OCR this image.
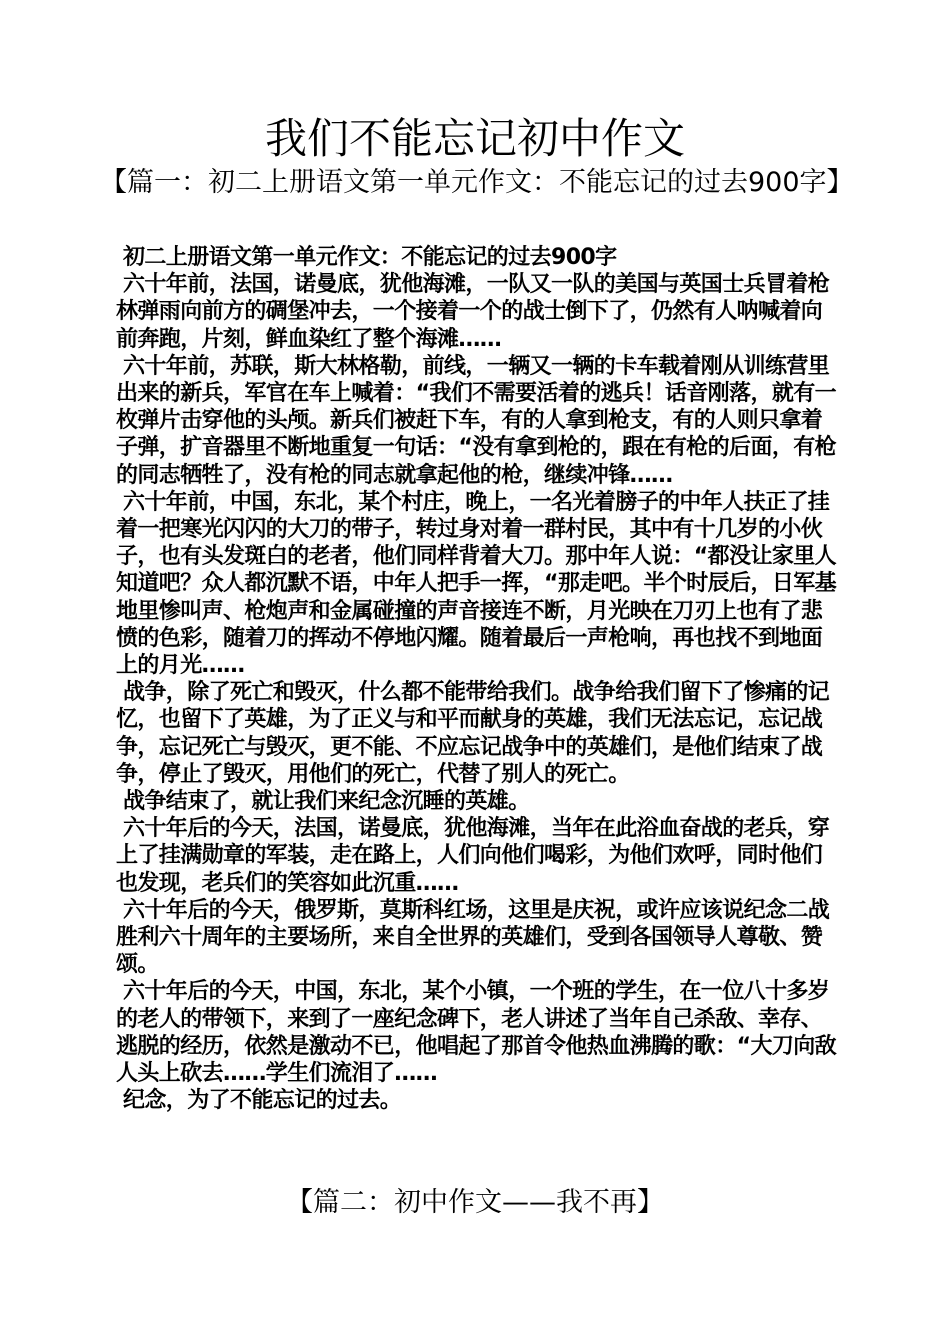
我们不能忘记初中作文
【篇一：初二上册语文第一单元作文：不能忘记的过去900字】

初二上册语文第一单元作文：不能忘记的过去900字

六十年前，法国，诺曼底，犹他海滩，一队又一队的美国与英国士兵冒着枪林弹雨向前方的碉堡冲去，一个接着一个的战士倒下了，仍然有人呐喊着向前奔跑，片刻，鲜血染红了整个海滩……

六十年前，苏联，斯大林格勒，前线，一辆又一辆的卡车载着刚从训练营里出来的新兵，军官在车上喊着：“我们不需要活着的逃兵！话音刚落，就有一枚弹片击穿他的头颅。新兵们被赶下车，有的人拿到枪支，有的人则只拿着子弹，扩音器里不断地重复一句话：“没有拿到枪的，跟在有枪的后面，有枪的同志牺牲了，没有枪的同志就拿起他的枪，继续冲锋……

六十年前，中国，东北，某个村庄，晚上，一名光着膀子的中年人扶正了挂着一把寒光闪闪的大刀的带子，转过身对着一群村民，其中有十几岁的小伙子，也有头发斑白的老者，他们同样背着大刀。那中年人说：“都没让家里人知道吧？众人都沉默不语，中年人把手一挥，“那走吧。半个时辰后，日军基地里惨叫声、枪炮声和金属碰撞的声音接连不断，月光映在刀刃上也有了悲愤的色彩，随着刀的挥动不停地闪耀。随着最后一声枪响，再也找不到地面上的月光……

战争，除了死亡和毁灭，什么都不能带给我们。战争给我们留下了惨痛的记忆，也留下了英雄，为了正义与和平而献身的英雄，我们无法忘记，忘记战争，忘记死亡与毁灭，更不能、不应忘记战争中的英雄们，是他们结束了战争，停止了毁灭，用他们的死亡，代替了别人的死亡。

战争结束了，就让我们来纪念沉睡的英雄。

六十年后的今天，法国，诺曼底，犹他海滩，当年在此浴血奋战的老兵，穿上了挂满勋章的军装，走在路上，人们向他们喝彩，为他们欢呼，同时他们也发现，老兵们的笑容如此沉重……

六十年后的今天，俄罗斯，莫斯科红场，这里是庆祝，或许应该说纪念二战胜利六十周年的主要场所，来自全世界的英雄们，受到各国领导人尊敬、赞颂。

六十年后的今天，中国，东北，某个小镇，一个班的学生，在一位八十多岁的老人的带领下，来到了一座纪念碑下，老人讲述了当年自己杀敌、幸存、逃脱的经历，依然是激动不已，他唱起了那首令他热血沸腾的歌：“大刀向敌人头上砍去……学生们流泪了……

纪念，为了不能忘记的过去。

【篇二：初中作文——我不再】
